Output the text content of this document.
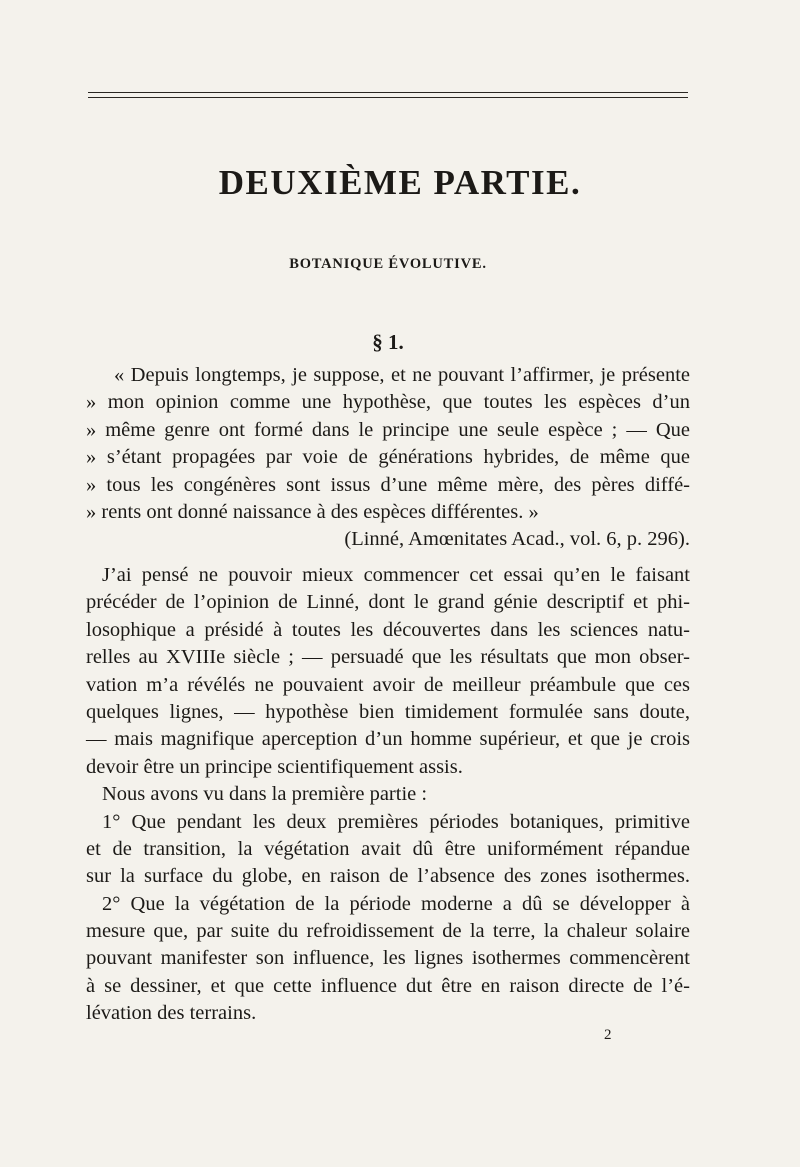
DEUXIÈME PARTIE.
BOTANIQUE ÉVOLUTIVE.
§ 1.
« Depuis longtemps, je suppose, et ne pouvant l’affirmer, je présente
» mon opinion comme une hypothèse, que toutes les espèces d’un
» même genre ont formé dans le principe une seule espèce ; — Que
» s’étant propagées par voie de générations hybrides, de même que
» tous les congénères sont issus d’une même mère, des pères diffé-
» rents ont donné naissance à des espèces différentes. »
(Linné, Amœnitates Acad., vol. 6, p. 296).
J’ai pensé ne pouvoir mieux commencer cet essai qu’en le faisant
précéder de l’opinion de Linné, dont le grand génie descriptif et phi-
losophique a présidé à toutes les découvertes dans les sciences natu-
relles au XVIIIe siècle ; — persuadé que les résultats que mon obser-
vation m’a révélés ne pouvaient avoir de meilleur préambule que ces
quelques lignes, — hypothèse bien timidement formulée sans doute,
— mais magnifique aperception d’un homme supérieur, et que je crois
devoir être un principe scientifiquement assis.
Nous avons vu dans la première partie :
1° Que pendant les deux premières périodes botaniques, primitive
et de transition, la végétation avait dû être uniformément répandue
sur la surface du globe, en raison de l’absence des zones isothermes.
2° Que la végétation de la période moderne a dû se développer à
mesure que, par suite du refroidissement de la terre, la chaleur solaire
pouvant manifester son influence, les lignes isothermes commencèrent
à se dessiner, et que cette influence dut être en raison directe de l’é-
lévation des terrains.
2
